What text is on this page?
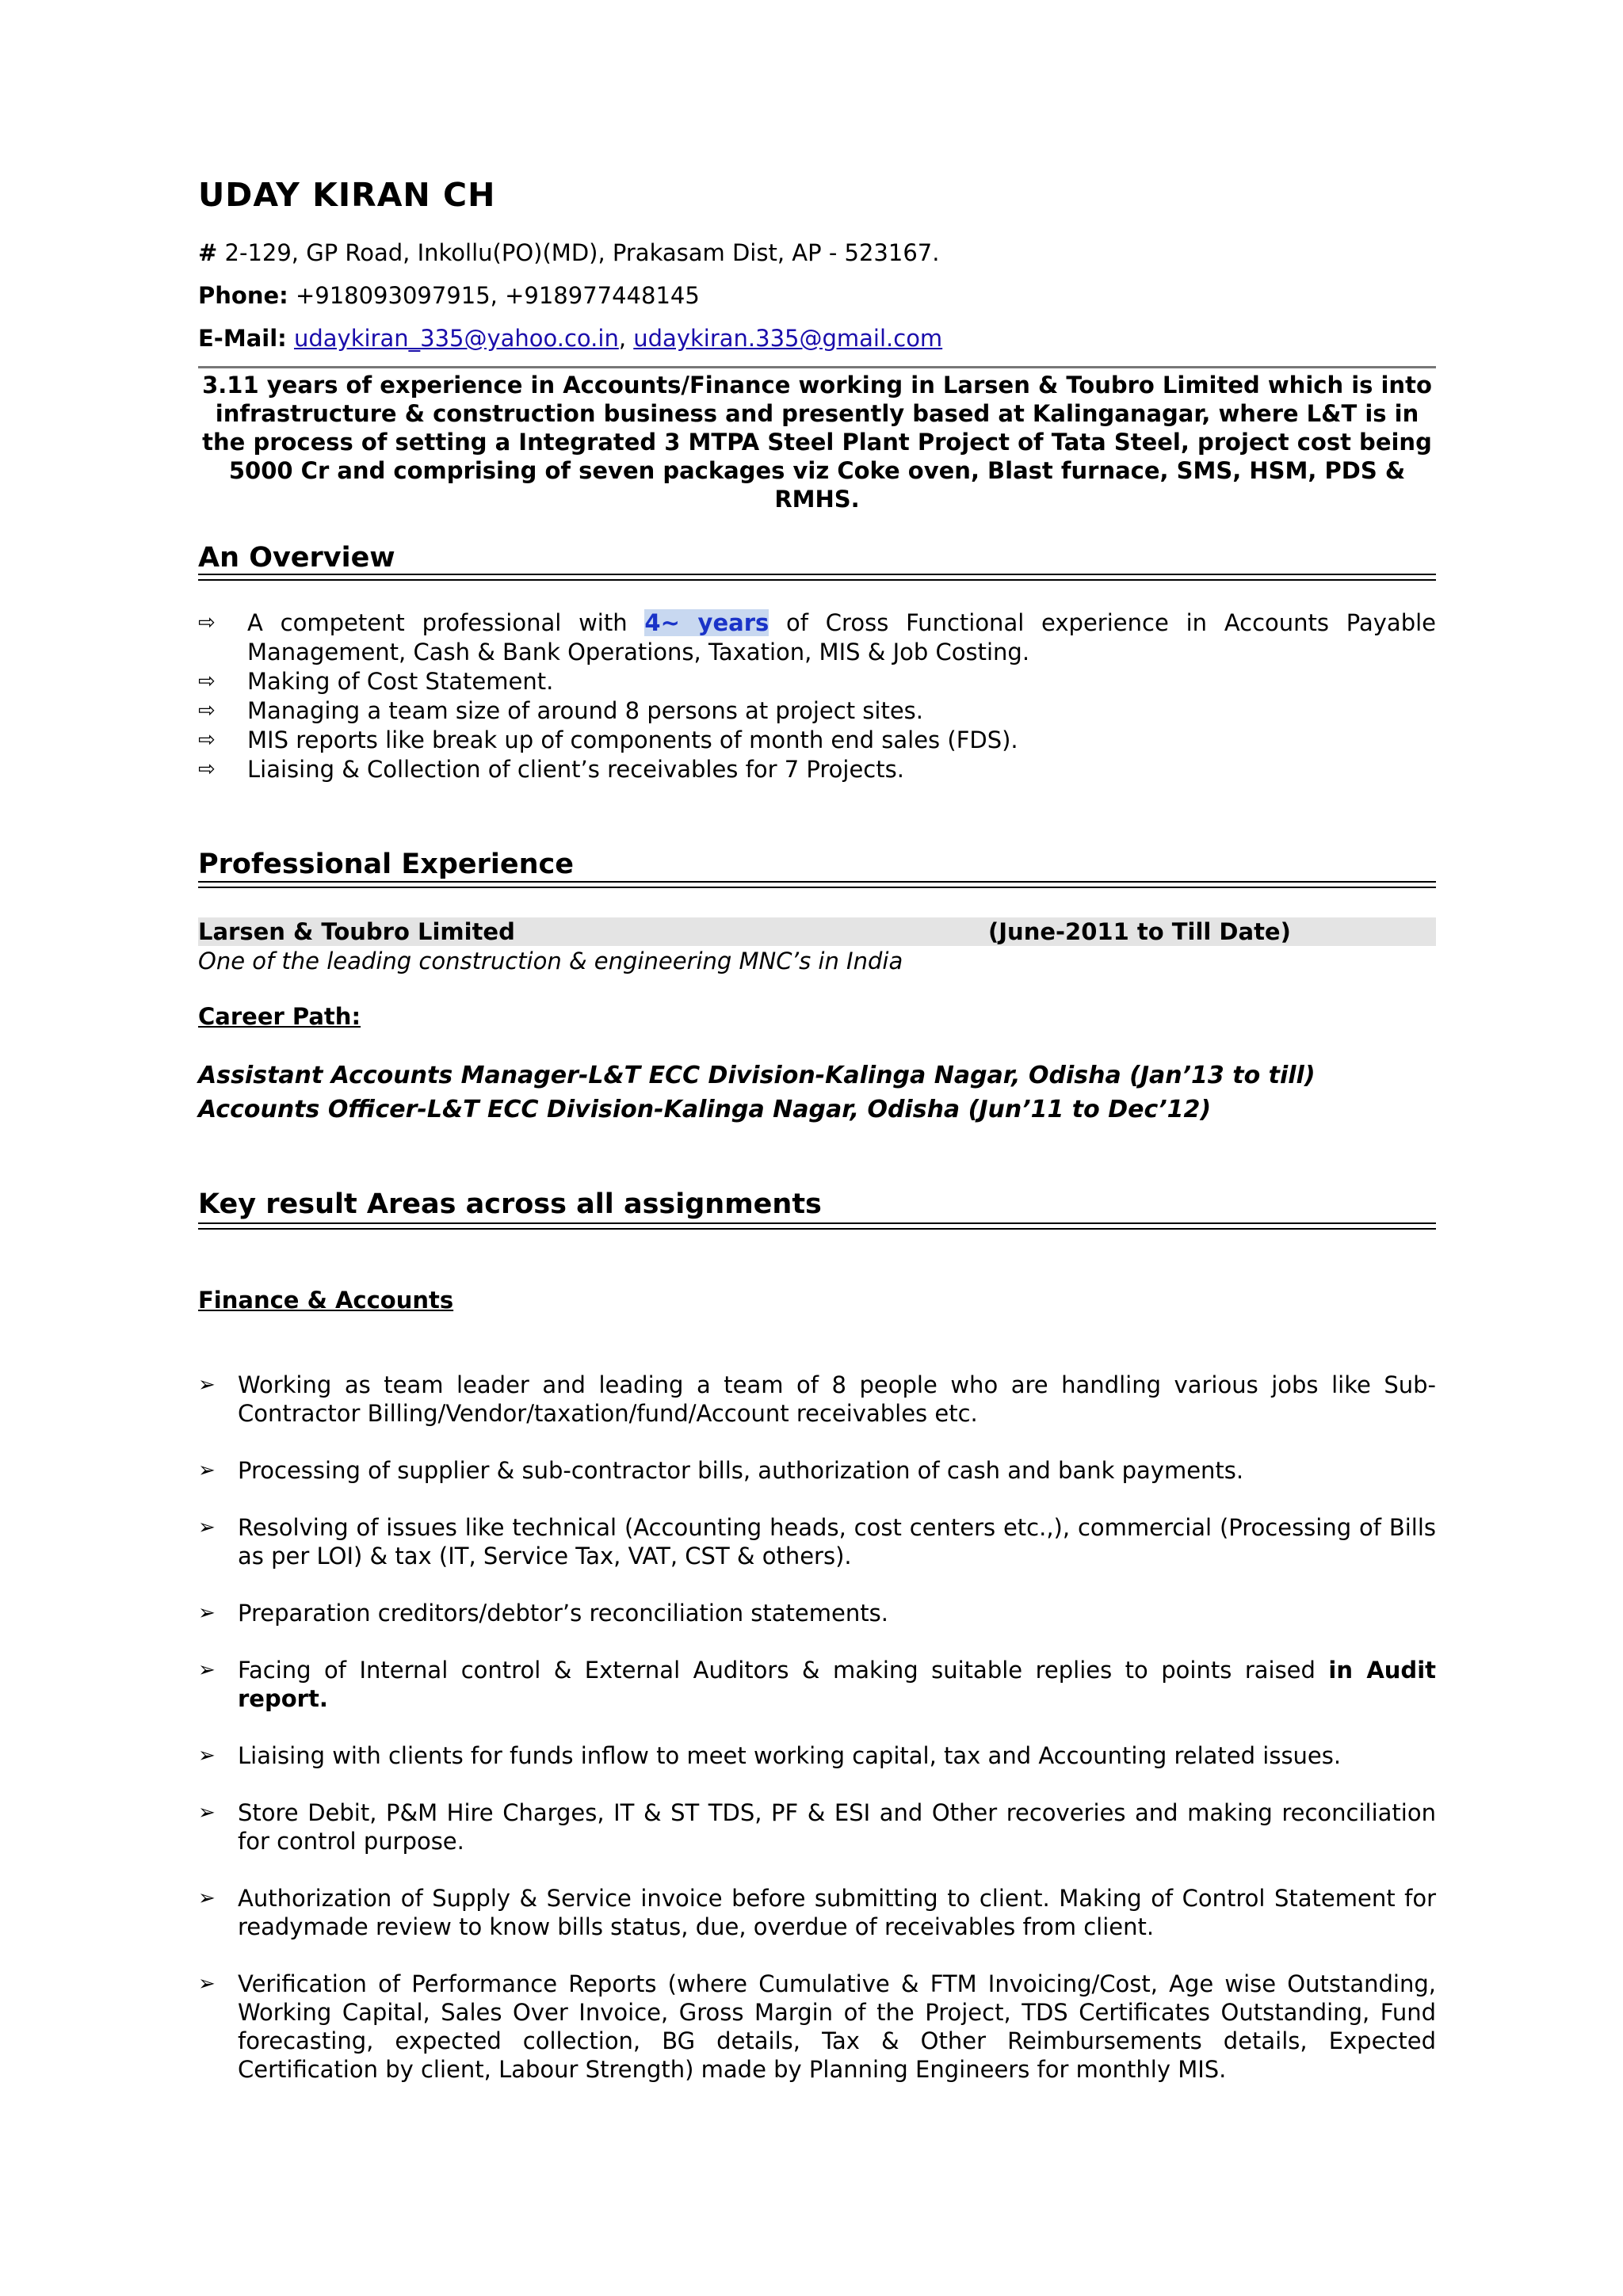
UDAY KIRAN CH
# 2-129, GP Road, Inkollu(PO)(MD), Prakasam Dist, AP - 523167.
Phone: +918093097915, +918977448145
E-Mail: udaykiran_335@yahoo.co.in, udaykiran.335@gmail.com
3.11 years of experience in Accounts/Finance working in Larsen & Toubro Limited which is into infrastructure & construction business and presently based at Kalinganagar, where L&T is in the process of setting a Integrated 3 MTPA Steel Plant Project of Tata Steel, project cost being 5000 Cr and comprising of seven packages viz Coke oven, Blast furnace, SMS, HSM, PDS & RMHS.
An Overview
⇨ A competent professional with 4~ years of Cross Functional experience in Accounts Payable Management, Cash & Bank Operations, Taxation, MIS & Job Costing.
⇨ Making of Cost Statement.
⇨ Managing a team size of around 8 persons at project sites.
⇨ MIS reports like break up of components of month end sales (FDS).
⇨ Liaising & Collection of client’s receivables for 7 Projects.
Professional Experience
Larsen & Toubro Limited	(June-2011 to Till Date)
One of the leading construction & engineering MNC’s in India
Career Path:
Assistant Accounts Manager-L&T ECC Division-Kalinga Nagar, Odisha (Jan’13 to till)
Accounts Officer-L&T ECC Division-Kalinga Nagar, Odisha (Jun’11 to Dec’12)
Key result Areas across all assignments
Finance & Accounts
➢ Working as team leader and leading a team of 8 people who are handling various jobs like Sub-Contractor Billing/Vendor/taxation/fund/Account receivables etc.
➢ Processing of supplier & sub-contractor bills, authorization of cash and bank payments.
➢ Resolving of issues like technical (Accounting heads, cost centers etc.,), commercial (Processing of Bills as per LOI) & tax (IT, Service Tax, VAT, CST & others).
➢ Preparation creditors/debtor’s reconciliation statements.
➢ Facing of Internal control & External Auditors & making suitable replies to points raised in Audit report.
➢ Liaising with clients for funds inflow to meet working capital, tax and Accounting related issues.
➢ Store Debit, P&M Hire Charges, IT & ST TDS, PF & ESI and Other recoveries and making reconciliation for control purpose.
➢ Authorization of Supply & Service invoice before submitting to client. Making of Control Statement for readymade review to know bills status, due, overdue of receivables from client.
➢ Verification of Performance Reports (where Cumulative & FTM Invoicing/Cost, Age wise Outstanding, Working Capital, Sales Over Invoice, Gross Margin of the Project, TDS Certificates Outstanding, Fund forecasting, expected collection, BG details, Tax & Other Reimbursements details, Expected Certification by client, Labour Strength) made by Planning Engineers for monthly MIS.
